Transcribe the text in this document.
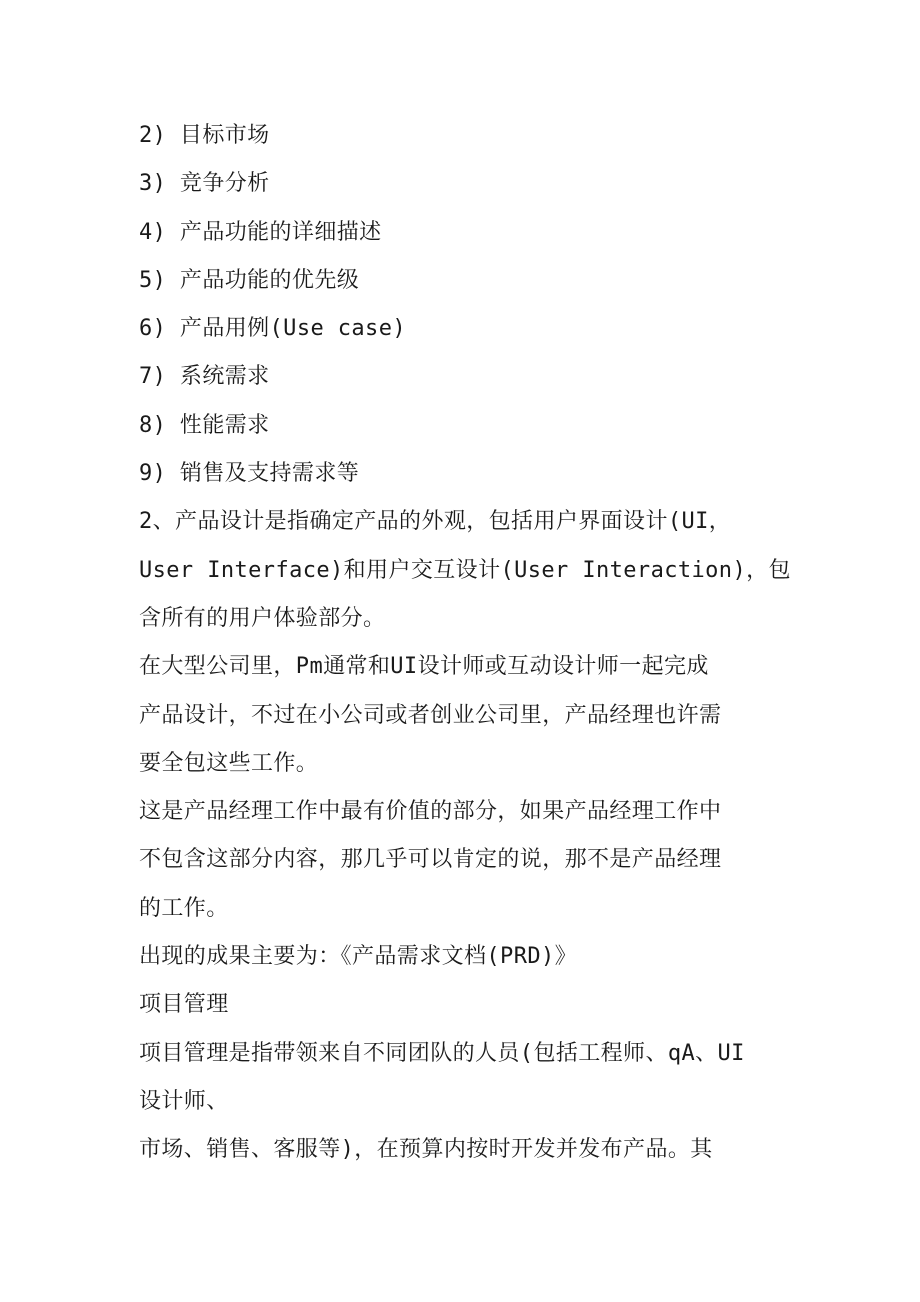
2) 目标市场
3) 竞争分析
4) 产品功能的详细描述
5) 产品功能的优先级
6) 产品用例(Use case)
7) 系统需求
8) 性能需求
9) 销售及支持需求等
2、产品设计是指确定产品的外观，包括用户界面设计(UI，
User Interface)和用户交互设计(User Interaction)，包
含所有的用户体验部分。
在大型公司里，Pm通常和UI设计师或互动设计师一起完成
产品设计，不过在小公司或者创业公司里，产品经理也许需
要全包这些工作。
这是产品经理工作中最有价值的部分，如果产品经理工作中
不包含这部分内容，那几乎可以肯定的说，那不是产品经理
的工作。
出现的成果主要为：《产品需求文档(PRD)》
项目管理
项目管理是指带领来自不同团队的人员(包括工程师、qA、UI
设计师、
市场、销售、客服等)，在预算内按时开发并发布产品。其
